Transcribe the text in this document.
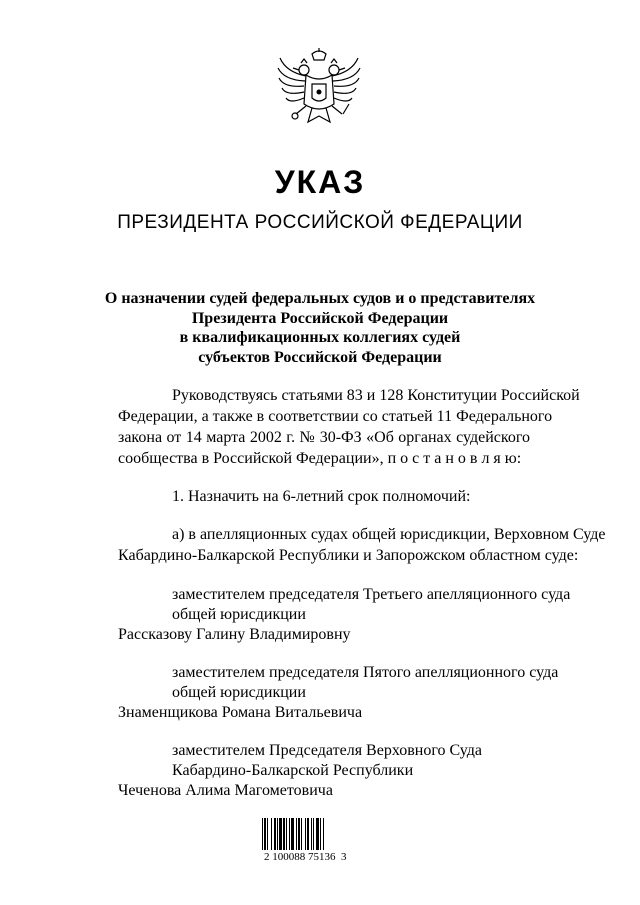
УКАЗ
ПРЕЗИДЕНТА РОССИЙСКОЙ ФЕДЕРАЦИИ
О назначении судей федеральных судов и о представителях
Президента Российской Федерации
в квалификационных коллегиях судей
субъектов Российской Федерации
Руководствуясь статьями 83 и 128 Конституции Российской
Федерации, а также в соответствии со статьей 11 Федерального
закона от 14 марта 2002 г. № 30-ФЗ «Об органах судейского
сообщества в Российской Федерации», п о с т а н о в л я ю:
1. Назначить на 6-летний срок полномочий:
а) в апелляционных судах общей юрисдикции, Верховном Суде
Кабардино-Балкарской Республики и Запорожском областном суде:
заместителем председателя Третьего апелляционного суда
общей юрисдикции
Рассказову Галину Владимировну
заместителем председателя Пятого апелляционного суда
общей юрисдикции
Знаменщикова Романа Витальевича
заместителем Председателя Верховного Суда
Кабардино-Балкарской Республики
Чеченова Алима Магометовича
2 100088 75136  3
